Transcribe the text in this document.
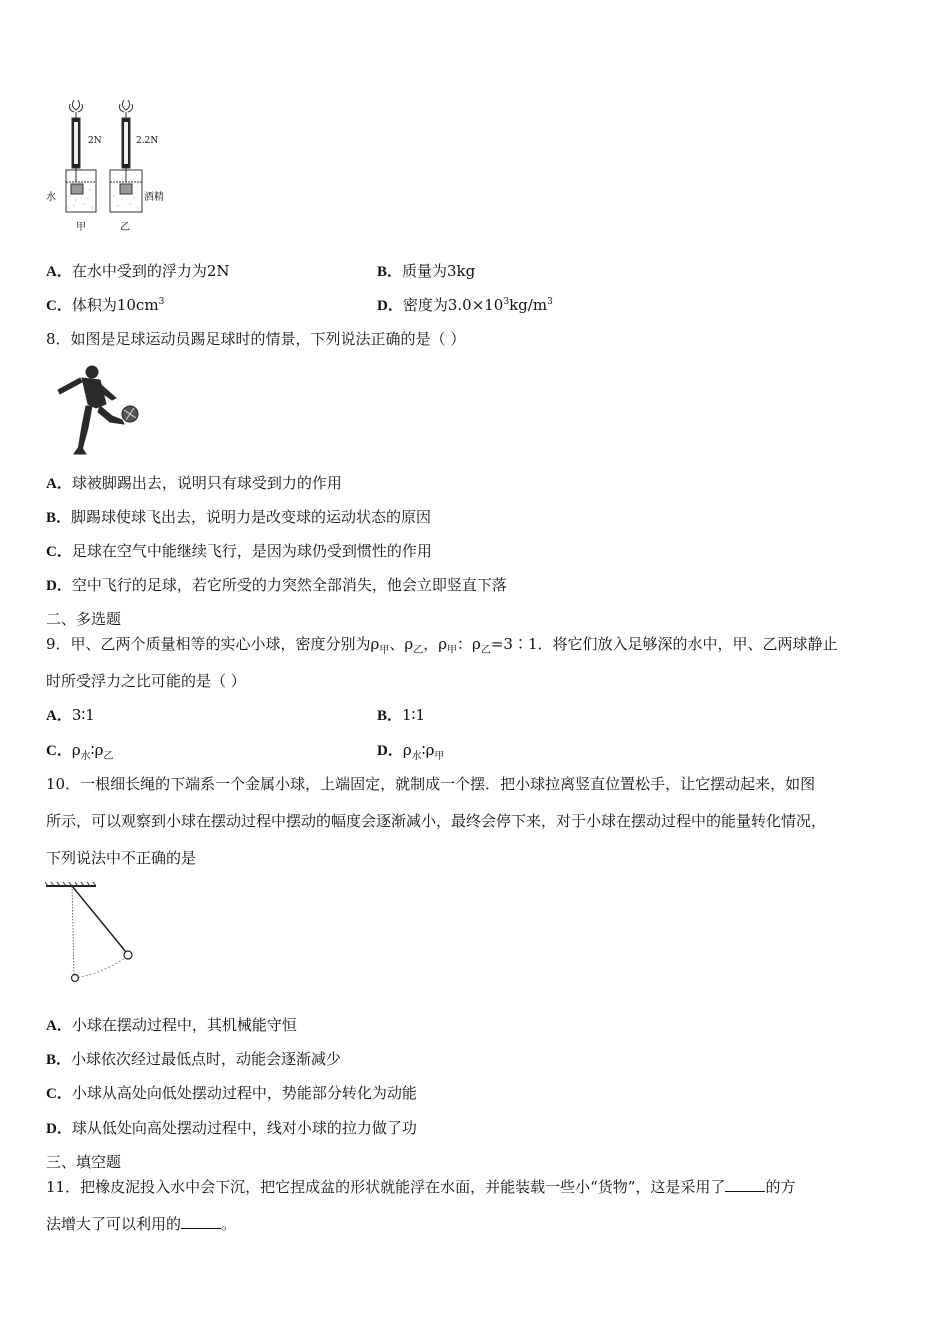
2N	2.2N
水	酒精
甲	乙
A．在水中受到的浮力为2N	B．质量为3kg
C．体积为$10cm^3$	D．密度为$3.0\times 10^3kg/m^3$
8．如图是足球运动员踢足球时的情景，下列说法正确的是（ ）
A．球被脚踢出去，说明只有球受到力的作用
B．脚踢球使球飞出去，说明力是改变球的运动状态的原因
C．足球在空气中能继续飞行，是因为球仍受到惯性的作用
D．空中飞行的足球，若它所受的力突然全部消失，他会立即竖直下落
二、多选题
9．甲、乙两个质量相等的实心小球，密度分别为$\rho_甲$、$\rho_乙$，$\rho_甲$：$\rho_乙=3∶1$．将它们放入足够深的水中，甲、乙两球静止
时所受浮力之比可能的是（ ）
A．3∶1	B．1∶1
C．$\rho_水∶\rho_乙$	D．$\rho_水∶\rho_甲$
10．一根细长绳的下端系一个金属小球，上端固定，就制成一个摆．把小球拉离竖直位置松手，让它摆动起来，如图
所示，可以观察到小球在摆动过程中摆动的幅度会逐渐减小，最终会停下来，对于小球在摆动过程中的能量转化情况，
下列说法中不正确的是
A．小球在摆动过程中，其机械能守恒
B．小球依次经过最低点时，动能会逐渐减少
C．小球从高处向低处摆动过程中，势能部分转化为动能
D．球从低处向高处摆动过程中，线对小球的拉力做了功
三、填空题
11．把橡皮泥投入水中会下沉，把它捏成盆的形状就能浮在水面，并能装载一些小“货物”，这是采用了	的方
法增大了可以利用的	。
